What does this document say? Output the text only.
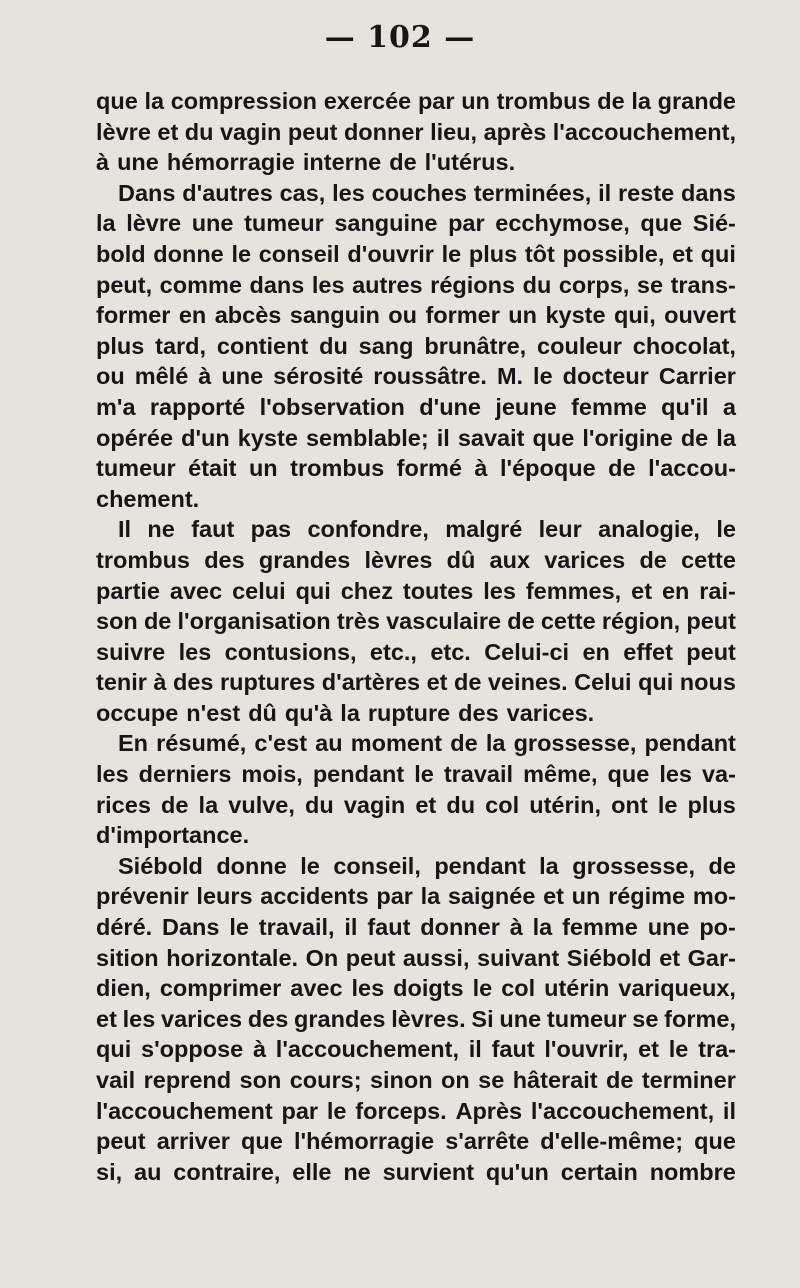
— 102 —
que la compression exercée par un trombus de la grande
lèvre et du vagin peut donner lieu, après l'accouchement,
à une hémorragie interne de l'utérus.
Dans d'autres cas, les couches terminées, il reste dans
la lèvre une tumeur sanguine par ecchymose, que Sié-
bold donne le conseil d'ouvrir le plus tôt possible, et qui
peut, comme dans les autres régions du corps, se trans-
former en abcès sanguin ou former un kyste qui, ouvert
plus tard, contient du sang brunâtre, couleur chocolat,
ou mêlé à une sérosité roussâtre. M. le docteur Carrier
m'a rapporté l'observation d'une jeune femme qu'il a
opérée d'un kyste semblable; il savait que l'origine de la
tumeur était un trombus formé à l'époque de l'accou-
chement.
Il ne faut pas confondre, malgré leur analogie, le
trombus des grandes lèvres dû aux varices de cette
partie avec celui qui chez toutes les femmes, et en rai-
son de l'organisation très vasculaire de cette région, peut
suivre les contusions, etc., etc. Celui-ci en effet peut
tenir à des ruptures d'artères et de veines. Celui qui nous
occupe n'est dû qu'à la rupture des varices.
En résumé, c'est au moment de la grossesse, pendant
les derniers mois, pendant le travail même, que les va-
rices de la vulve, du vagin et du col utérin, ont le plus
d'importance.
Siébold donne le conseil, pendant la grossesse, de
prévenir leurs accidents par la saignée et un régime mo-
déré. Dans le travail, il faut donner à la femme une po-
sition horizontale. On peut aussi, suivant Siébold et Gar-
dien, comprimer avec les doigts le col utérin variqueux,
et les varices des grandes lèvres. Si une tumeur se forme,
qui s'oppose à l'accouchement, il faut l'ouvrir, et le tra-
vail reprend son cours; sinon on se hâterait de terminer
l'accouchement par le forceps. Après l'accouchement, il
peut arriver que l'hémorragie s'arrête d'elle-même; que
si, au contraire, elle ne survient qu'un certain nombre
